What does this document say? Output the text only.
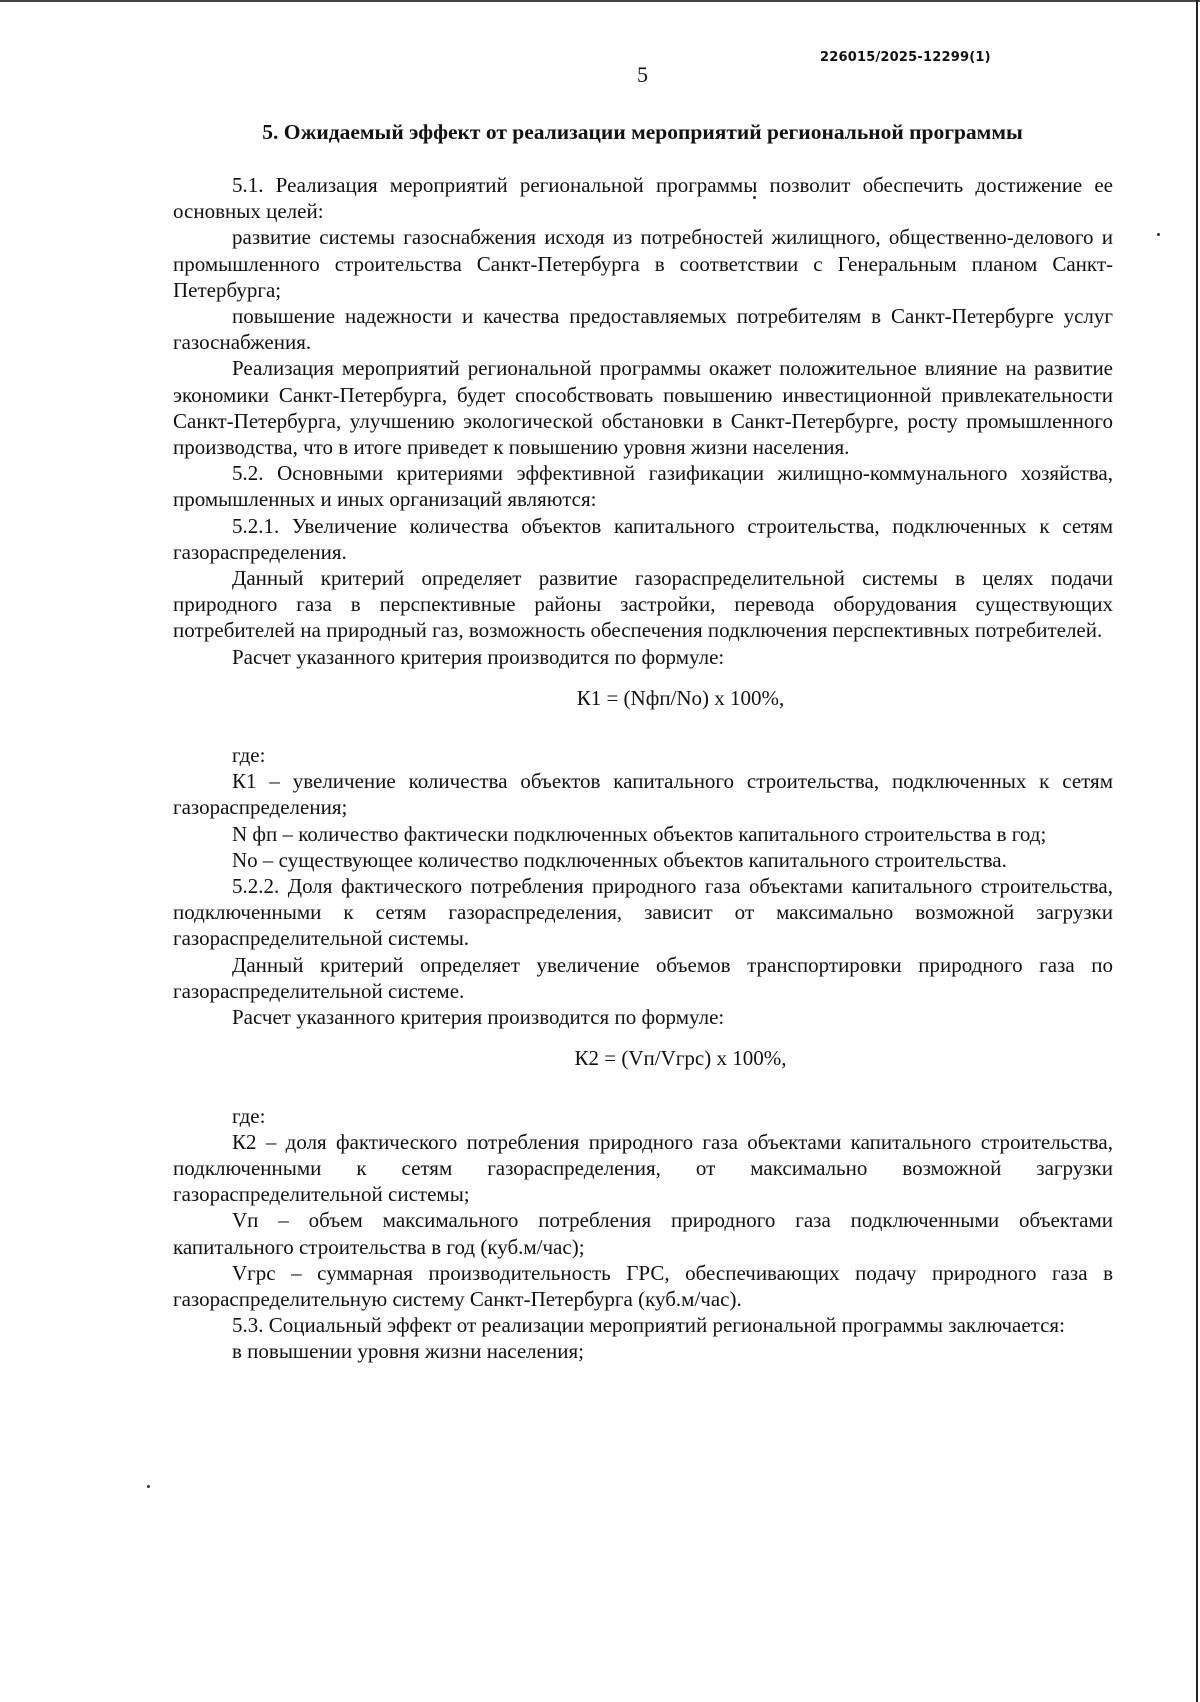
226015/2025-12299(1)
5
5. Ожидаемый эффект от реализации мероприятий региональной программы

5.1. Реализация мероприятий региональной программы позволит обеспечить достижение ее основных целей:

развитие системы газоснабжения исходя из потребностей жилищного, общественно-делового и промышленного строительства Санкт-Петербурга в соответствии с Генеральным планом Санкт-Петербурга;

повышение надежности и качества предоставляемых потребителям в Санкт-Петербурге услуг газоснабжения.

Реализация мероприятий региональной программы окажет положительное влияние на развитие экономики Санкт-Петербурга, будет способствовать повышению инвестиционной привлекательности Санкт-Петербурга, улучшению экологической обстановки в Санкт-Петербурге, росту промышленного производства, что в итоге приведет к повышению уровня жизни населения.

5.2. Основными критериями эффективной газификации жилищно-коммунального хозяйства, промышленных и иных организаций являются:

5.2.1. Увеличение количества объектов капитального строительства, подключенных к сетям газораспределения.

Данный критерий определяет развитие газораспределительной системы в целях подачи природного газа в перспективные районы застройки, перевода оборудования существующих потребителей на природный газ, возможность обеспечения подключения перспективных потребителей.

Расчет указанного критерия производится по формуле:

К1 = (Nфп/Nо) х 100%,

где:

К1 – увеличение количества объектов капитального строительства, подключенных к сетям газораспределения;

N фп – количество фактически подключенных объектов капитального строительства в год;

Nо – существующее количество подключенных объектов капитального строительства.

5.2.2. Доля фактического потребления природного газа объектами капитального строительства, подключенными к сетям газораспределения, зависит от максимально возможной загрузки газораспределительной системы.

Данный критерий определяет увеличение объемов транспортировки природного газа по газораспределительной системе.

Расчет указанного критерия производится по формуле:

К2 = (Vп/Vгрс) х 100%,

где:

К2 – доля фактического потребления природного газа объектами капитального строительства, подключенными к сетям газораспределения, от максимально возможной загрузки газораспределительной системы;

Vп – объем максимального потребления природного газа подключенными объектами капитального строительства в год (куб.м/час);

Vгрс – суммарная производительность ГРС, обеспечивающих подачу природного газа в газораспределительную систему Санкт-Петербурга (куб.м/час).

5.3. Социальный эффект от реализации мероприятий региональной программы заключается:

в повышении уровня жизни населения;
